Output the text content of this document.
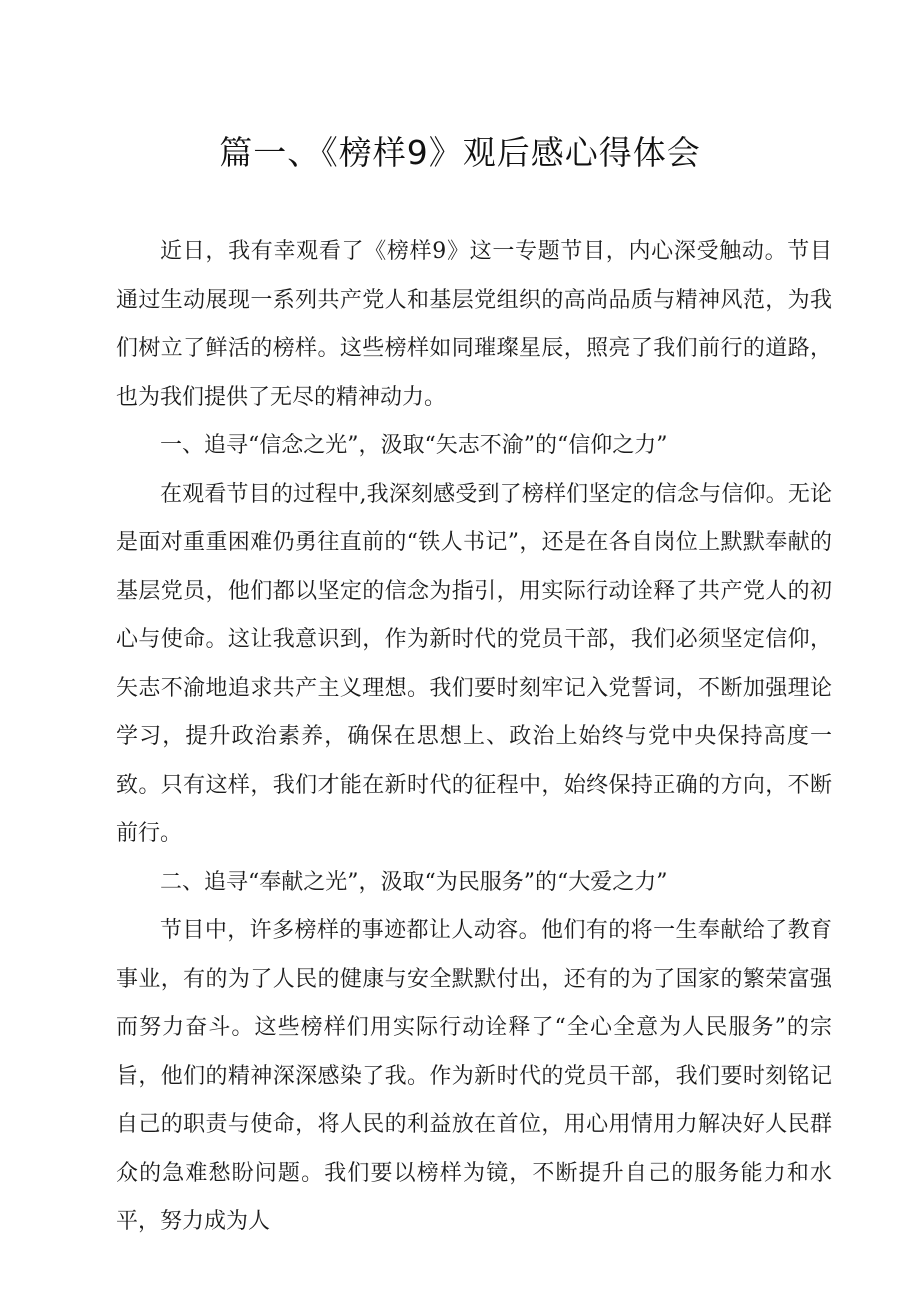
篇一、《榜样9》观后感心得体会

近日，我有幸观看了《榜样9》这一专题节目，内心深受触动。节目通过生动展现一系列共产党人和基层党组织的高尚品质与精神风范，为我们树立了鲜活的榜样。这些榜样如同璀璨星辰，照亮了我们前行的道路，也为我们提供了无尽的精神动力。

一、追寻“信念之光”，汲取“矢志不渝”的“信仰之力”

在观看节目的过程中,我深刻感受到了榜样们坚定的信念与信仰。无论是面对重重困难仍勇往直前的“铁人书记”，还是在各自岗位上默默奉献的基层党员，他们都以坚定的信念为指引，用实际行动诠释了共产党人的初心与使命。这让我意识到，作为新时代的党员干部，我们必须坚定信仰，矢志不渝地追求共产主义理想。我们要时刻牢记入党誓词，不断加强理论学习，提升政治素养，确保在思想上、政治上始终与党中央保持高度一致。只有这样，我们才能在新时代的征程中，始终保持正确的方向，不断前行。

二、追寻“奉献之光”，汲取“为民服务”的“大爱之力”

节目中，许多榜样的事迹都让人动容。他们有的将一生奉献给了教育事业，有的为了人民的健康与安全默默付出，还有的为了国家的繁荣富强而努力奋斗。这些榜样们用实际行动诠释了“全心全意为人民服务”的宗旨，他们的精神深深感染了我。作为新时代的党员干部，我们要时刻铭记自己的职责与使命，将人民的利益放在首位，用心用情用力解决好人民群众的急难愁盼问题。我们要以榜样为镜，不断提升自己的服务能力和水平，努力成为人
